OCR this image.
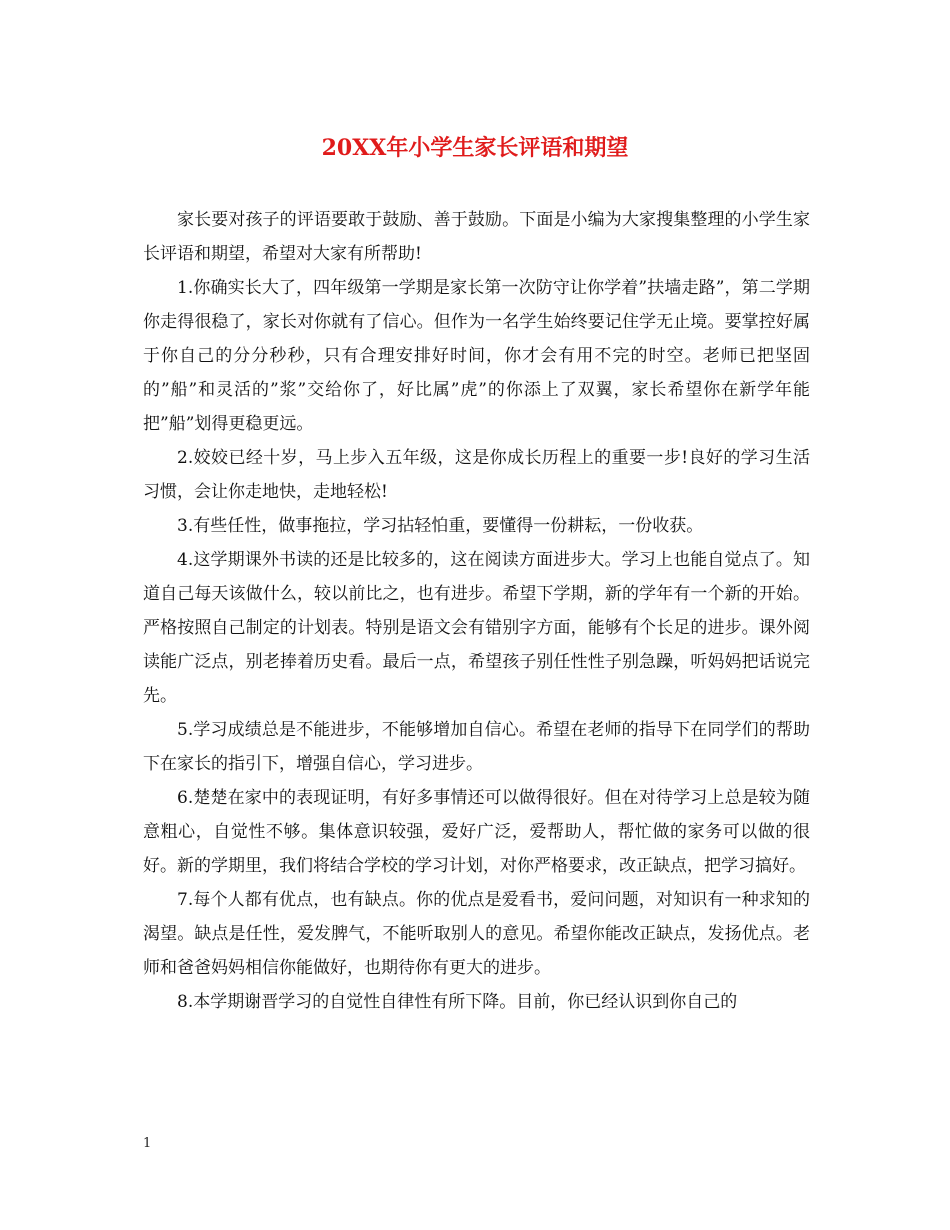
20XX年小学生家长评语和期望

家长要对孩子的评语要敢于鼓励、善于鼓励。下面是小编为大家搜集整理的小学生家长评语和期望，希望对大家有所帮助!

1.你确实长大了，四年级第一学期是家长第一次防守让你学着”扶墙走路”，第二学期你走得很稳了，家长对你就有了信心。但作为一名学生始终要记住学无止境。要掌控好属于你自己的分分秒秒，只有合理安排好时间，你才会有用不完的时空。老师已把坚固的”船”和灵活的”浆”交给你了，好比属”虎”的你添上了双翼，家长希望你在新学年能把”船”划得更稳更远。

2.姣姣已经十岁，马上步入五年级，这是你成长历程上的重要一步!良好的学习生活习惯，会让你走地快，走地轻松!

3.有些任性，做事拖拉，学习拈轻怕重，要懂得一份耕耘，一份收获。

4.这学期课外书读的还是比较多的，这在阅读方面进步大。学习上也能自觉点了。知道自己每天该做什么，较以前比之，也有进步。希望下学期，新的学年有一个新的开始。严格按照自己制定的计划表。特别是语文会有错别字方面，能够有个长足的进步。课外阅读能广泛点，别老捧着历史看。最后一点，希望孩子别任性性子别急躁，听妈妈把话说完先。

5.学习成绩总是不能进步，不能够增加自信心。希望在老师的指导下在同学们的帮助下在家长的指引下，增强自信心，学习进步。

6.楚楚在家中的表现证明，有好多事情还可以做得很好。但在对待学习上总是较为随意粗心，自觉性不够。集体意识较强，爱好广泛，爱帮助人，帮忙做的家务可以做的很好。新的学期里，我们将结合学校的学习计划，对你严格要求，改正缺点，把学习搞好。

7.每个人都有优点，也有缺点。你的优点是爱看书，爱问问题，对知识有一种求知的渴望。缺点是任性，爱发脾气，不能听取别人的意见。希望你能改正缺点，发扬优点。老师和爸爸妈妈相信你能做好，也期待你有更大的进步。

8.本学期谢晋学习的自觉性自律性有所下降。目前，你已经认识到你自己的

1
